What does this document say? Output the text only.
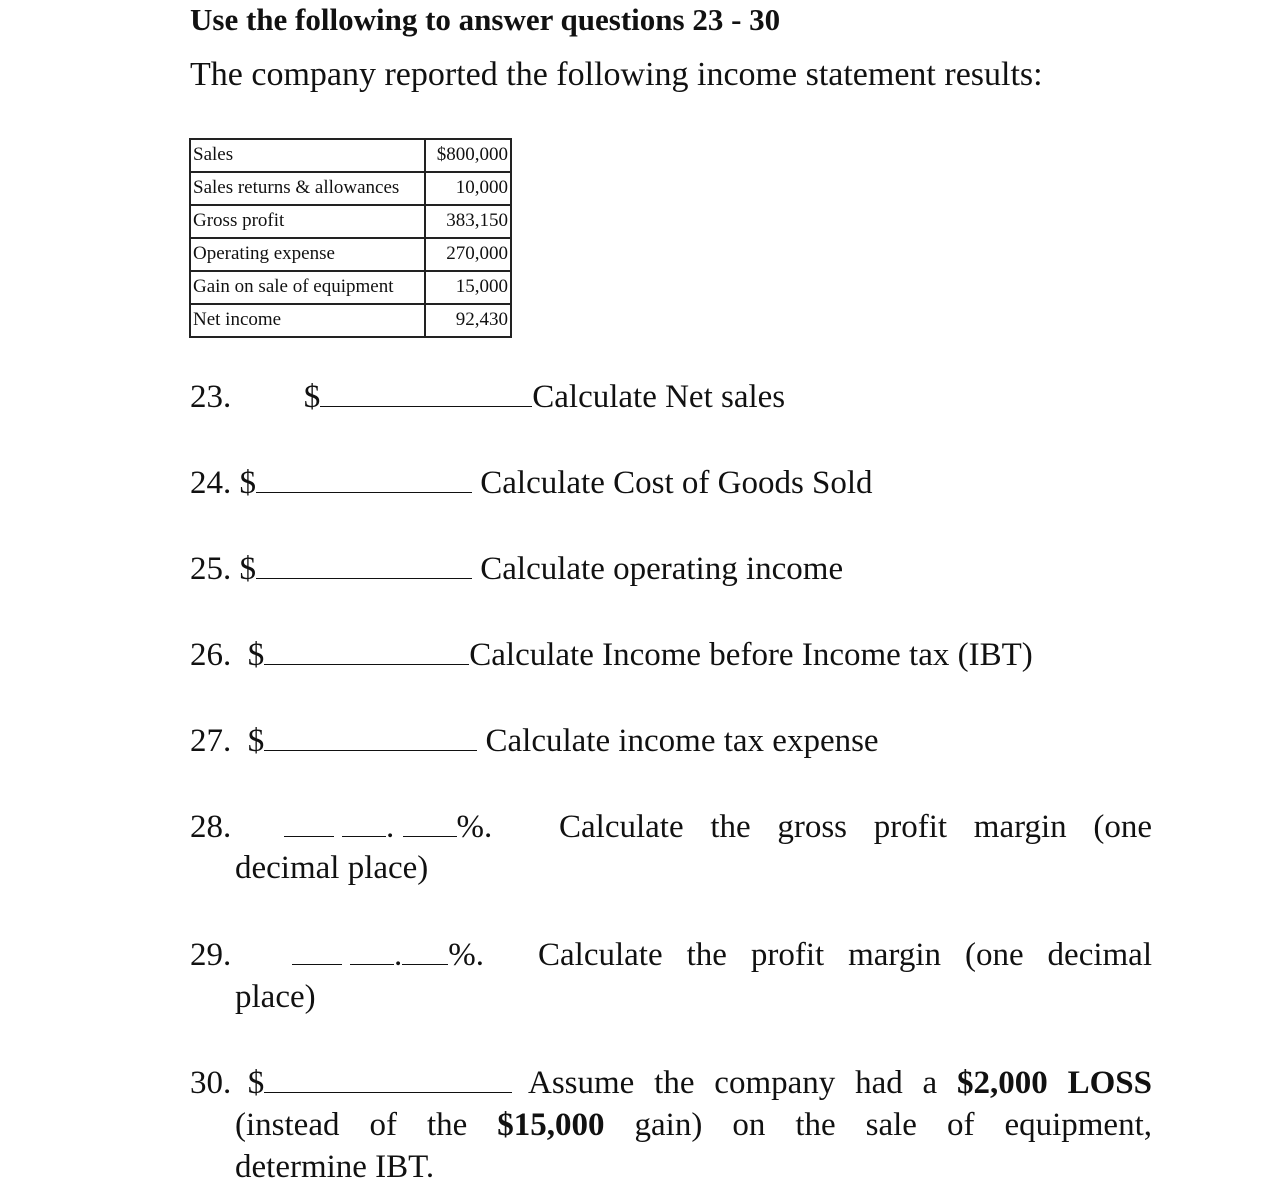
Use the following to answer questions 23 - 30
The company reported the following income statement results:
Sales	$800,000
Sales returns & allowances	10,000
Gross profit	383,150
Operating expense	270,000
Gain on sale of equipment	15,000
Net income	92,430
23. $	Calculate Net sales
24. $	Calculate Cost of Goods Sold
25. $	Calculate operating income
26.  $	Calculate Income before Income tax (IBT)
27.  $	Calculate income tax expense
28.	. %. Calculate the gross profit margin (one
decimal place)
29.	. %. Calculate the profit margin (one decimal
place)
30.  $	Assume the company had a $2,000 LOSS
(instead of the $15,000 gain) on the sale of equipment,
determine IBT.
